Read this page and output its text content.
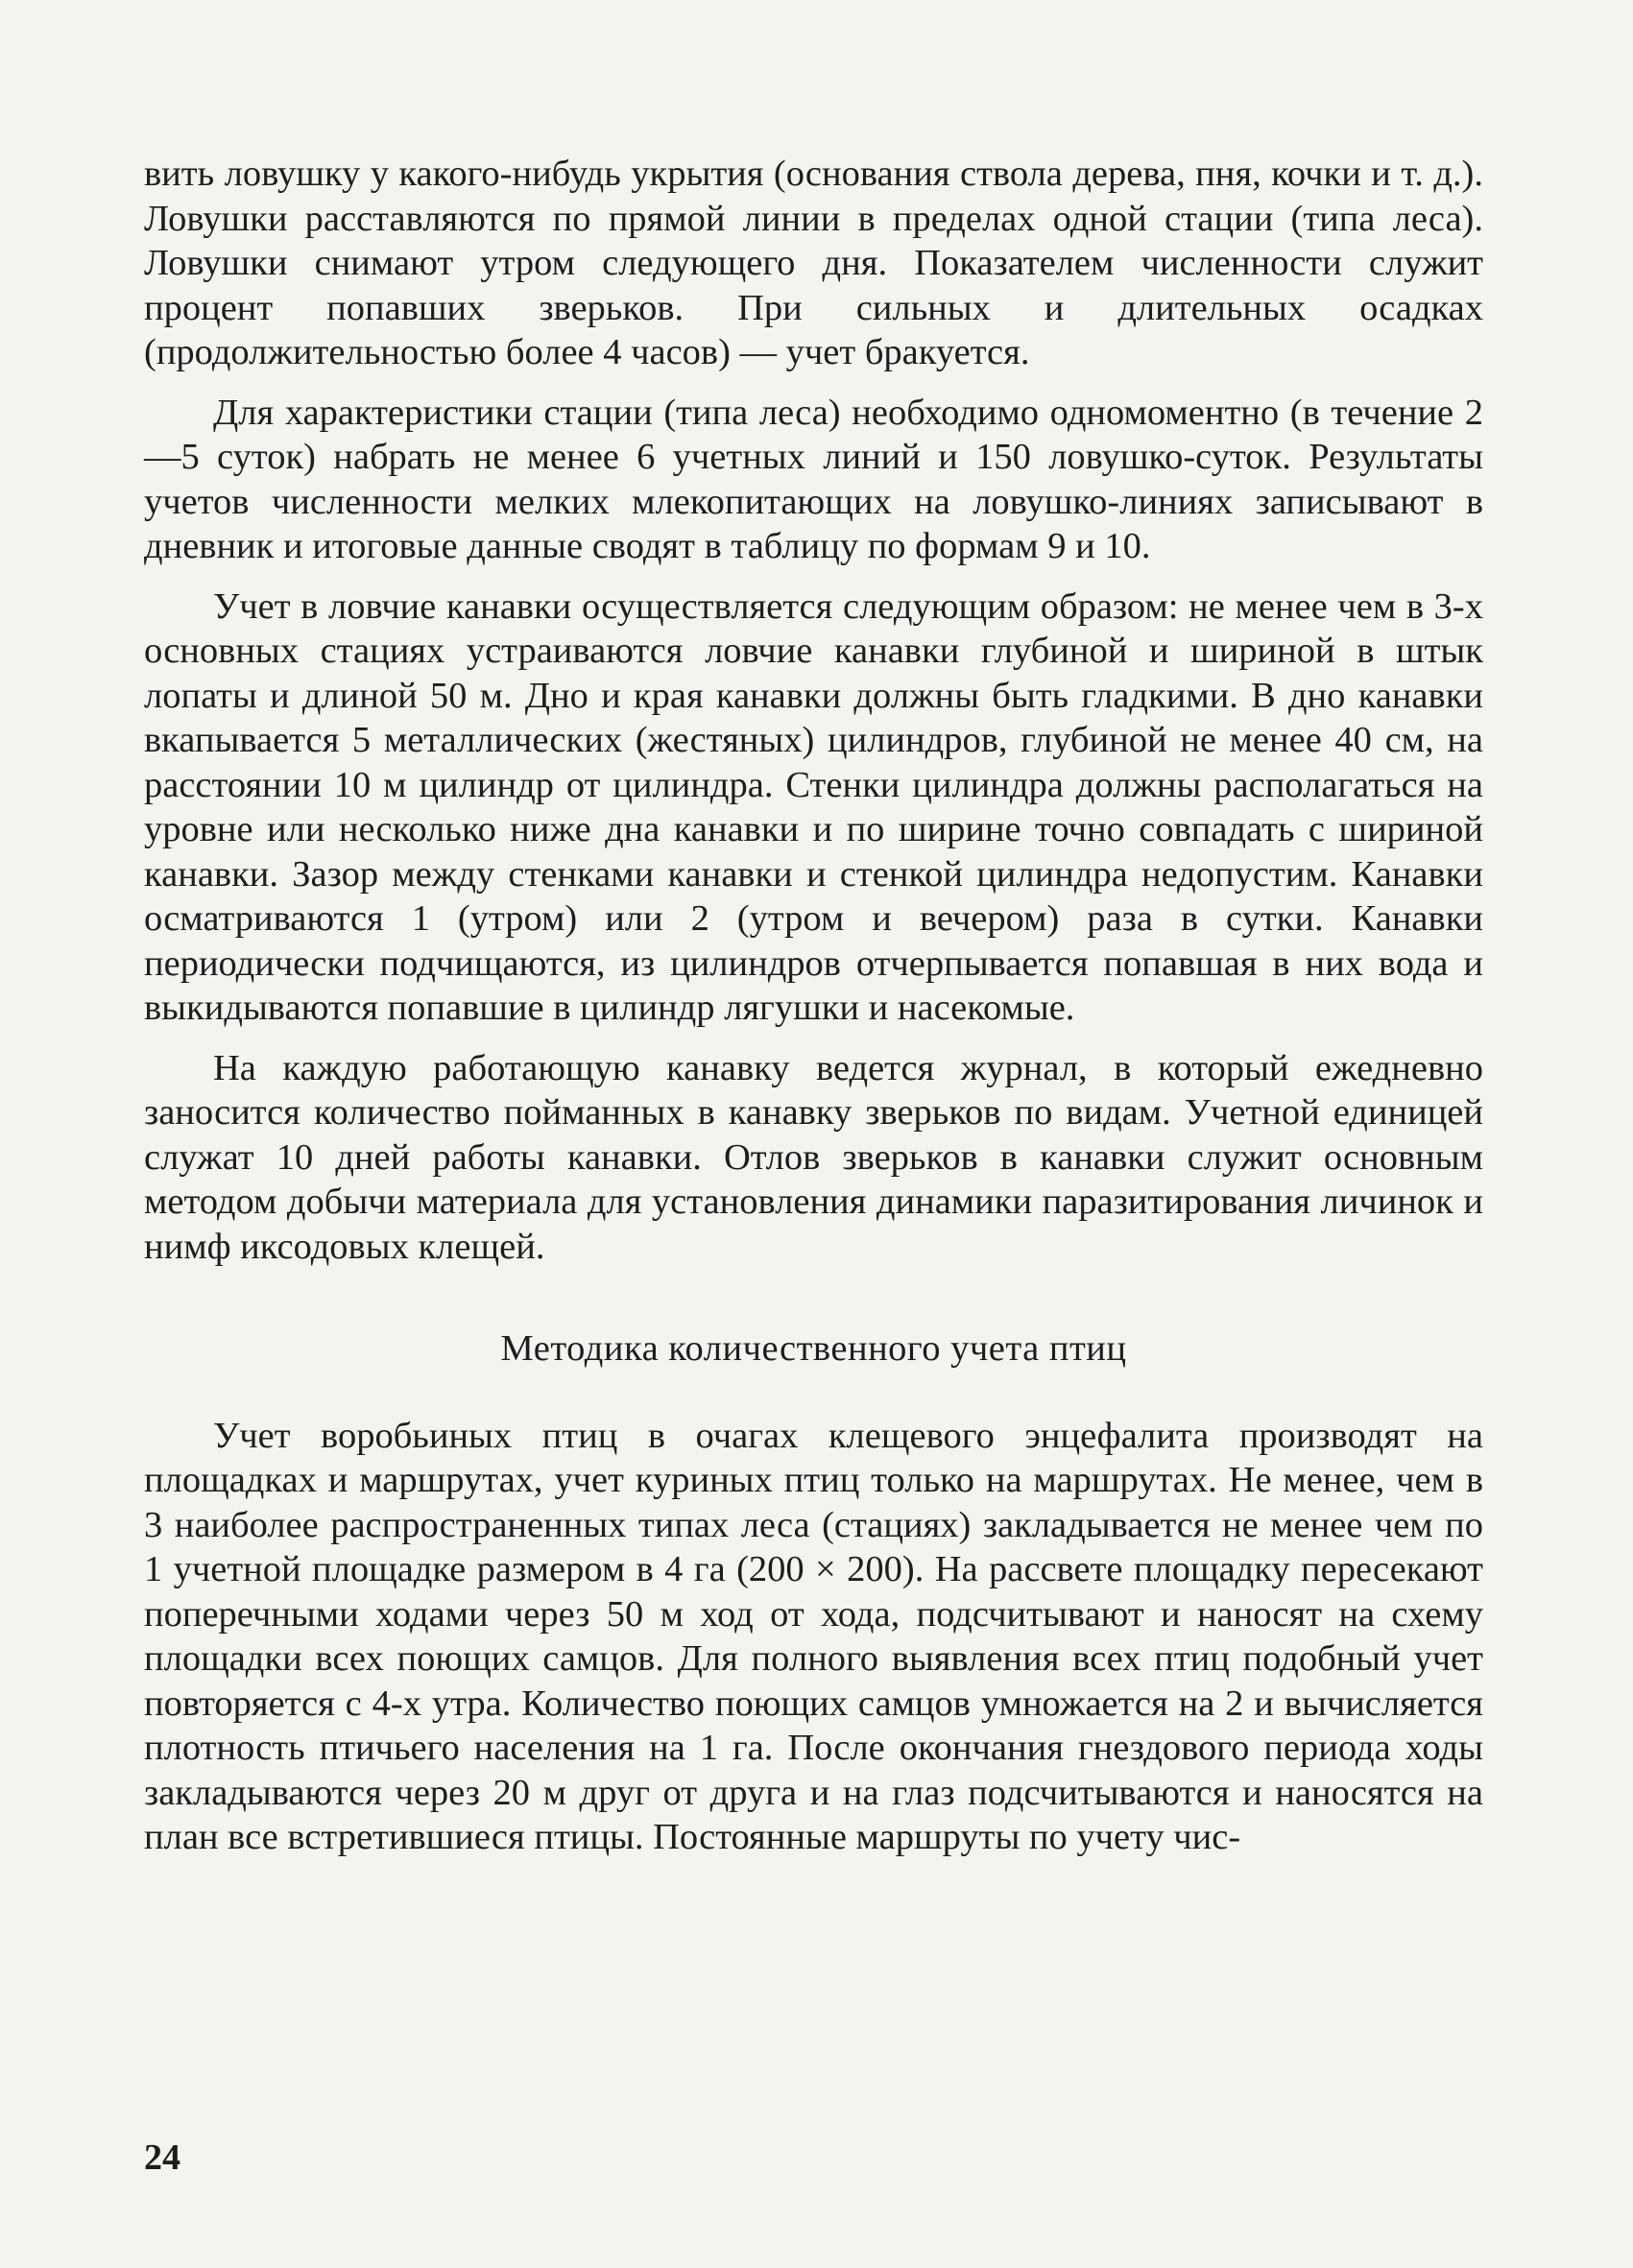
вить ловушку у какого-нибудь укрытия (основания ствола дерева, пня, кочки и т. д.). Ловушки расставляются по прямой линии в пределах одной стации (типа леса). Ловушки снимают утром следующего дня. Показателем численности служит процент попавших зверьков. При сильных и длительных осадках (продолжительностью более 4 часов) — учет бракуется.

Для характеристики стации (типа леса) необходимо одномоментно (в течение 2—5 суток) набрать не менее 6 учетных линий и 150 ловушко-суток. Результаты учетов численности мелких млекопитающих на ловушко-линиях записывают в дневник и итоговые данные сводят в таблицу по формам 9 и 10.

Учет в ловчие канавки осуществляется следующим образом: не менее чем в 3-х основных стациях устраиваются ловчие канавки глубиной и шириной в штык лопаты и длиной 50 м. Дно и края канавки должны быть гладкими. В дно канавки вкапывается 5 металлических (жестяных) цилиндров, глубиной не менее 40 см, на расстоянии 10 м цилиндр от цилиндра. Стенки цилиндра должны располагаться на уровне или несколько ниже дна канавки и по ширине точно совпадать с шириной канавки. Зазор между стенками канавки и стенкой цилиндра недопустим. Канавки осматриваются 1 (утром) или 2 (утром и вечером) раза в сутки. Канавки периодически подчищаются, из цилиндров отчерпывается попавшая в них вода и выкидываются попавшие в цилиндр лягушки и насекомые.

На каждую работающую канавку ведется журнал, в который ежедневно заносится количество пойманных в канавку зверьков по видам. Учетной единицей служат 10 дней работы канавки. Отлов зверьков в канавки служит основным методом добычи материала для установления динамики паразитирования личинок и нимф иксодовых клещей.

Методика количественного учета птиц

Учет воробьиных птиц в очагах клещевого энцефалита производят на площадках и маршрутах, учет куриных птиц только на маршрутах. Не менее, чем в 3 наиболее распространенных типах леса (стациях) закладывается не менее чем по 1 учетной площадке размером в 4 га (200 × 200). На рассвете площадку пересекают поперечными ходами через 50 м ход от хода, подсчитывают и наносят на схему площадки всех поющих самцов. Для полного выявления всех птиц подобный учет повторяется с 4-х утра. Количество поющих самцов умножается на 2 и вычисляется плотность птичьего населения на 1 га. После окончания гнездового периода ходы закладываются через 20 м друг от друга и на глаз подсчитываются и наносятся на план все встретившиеся птицы. Постоянные маршруты по учету чис-

24
